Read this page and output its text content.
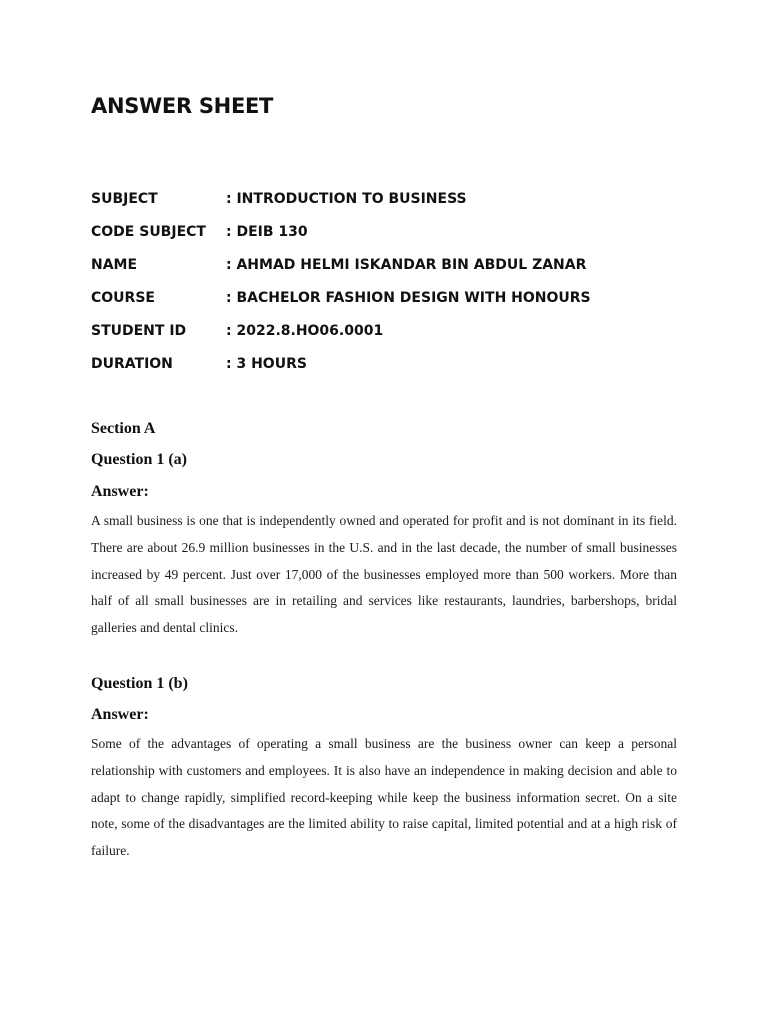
ANSWER SHEET
SUBJECT	: INTRODUCTION TO BUSINESS
CODE SUBJECT	: DEIB 130
NAME	: AHMAD HELMI ISKANDAR BIN ABDUL ZANAR
COURSE	: BACHELOR FASHION DESIGN WITH HONOURS
STUDENT ID	: 2022.8.HO06.0001
DURATION	: 3 HOURS
Section A
Question 1 (a)
Answer:

A small business is one that is independently owned and operated for profit and is not dominant in its field. There are about 26.9 million businesses in the U.S. and in the last decade, the number of small businesses increased by 49 percent. Just over 17,000 of the businesses employed more than 500 workers. More than half of all small businesses are in retailing and services like restaurants, laundries, barbershops, bridal galleries and dental clinics.

Question 1 (b)
Answer:

Some of the advantages of operating a small business are the business owner can keep a personal relationship with customers and employees. It is also have an independence in making decision and able to adapt to change rapidly, simplified record-keeping while keep the business information secret. On a site note, some of the disadvantages are the limited ability to raise capital, limited potential and at a high risk of failure.
